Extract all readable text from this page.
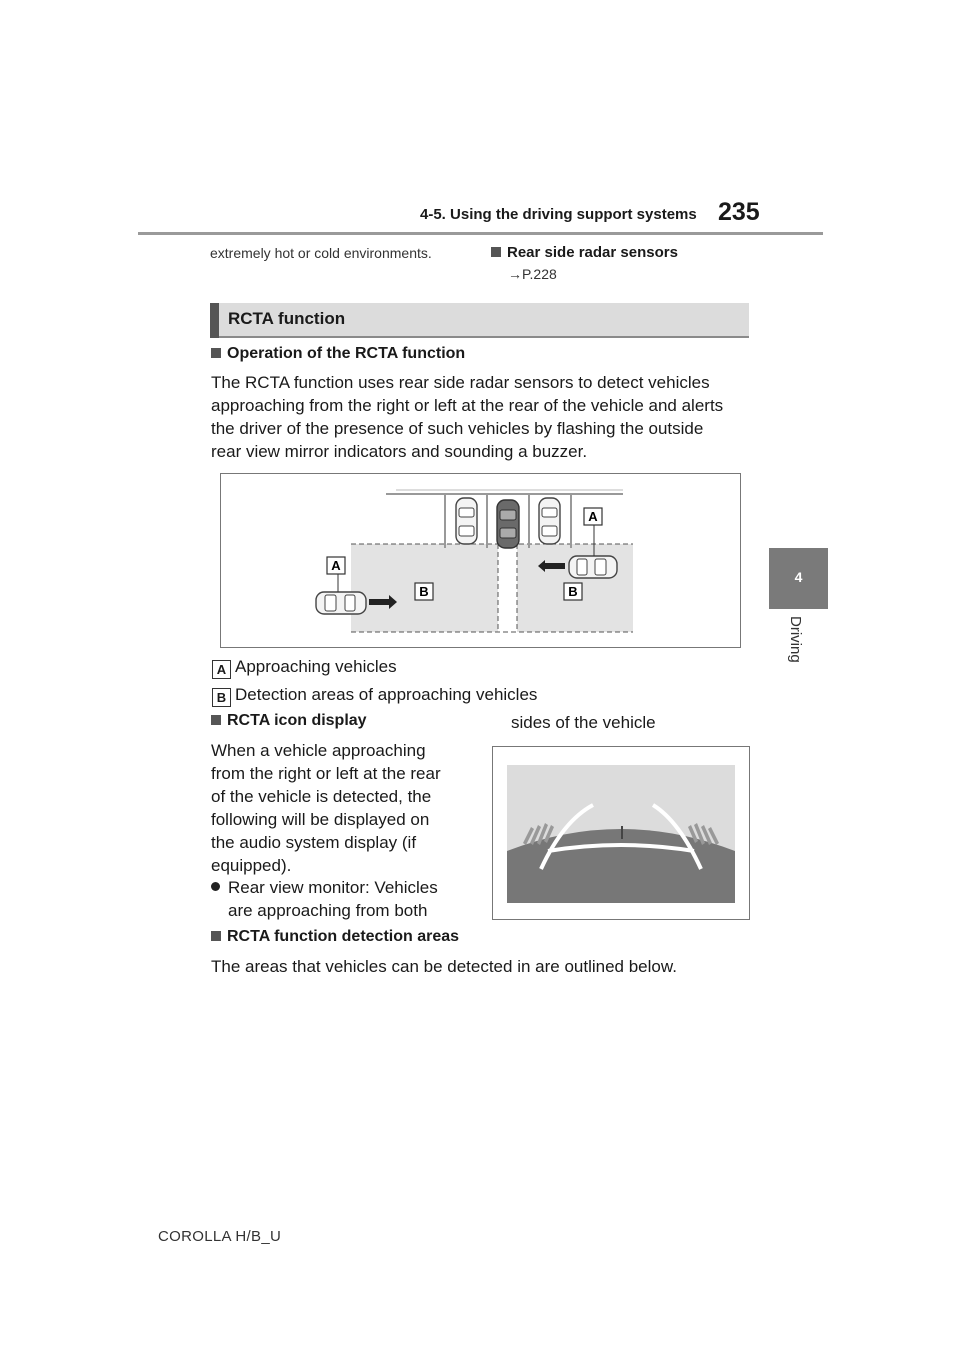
4-5. Using the driving support systems 235
4
Driving
extremely hot or cold environments.	Rear side radar sensors
→P.228
RCTA function
Operation of the RCTA function
The RCTA function uses rear side radar sensors to detect vehicles
approaching from the right or left at the rear of the vehicle and alerts
the driver of the presence of such vehicles by flashing the outside
rear view mirror indicators and sounding a buzzer.
A
A
B	B
A Approaching vehicles
B Detection areas of approaching vehicles
RCTA icon display	sides of the vehicle
When a vehicle approaching
from the right or left at the rear
of the vehicle is detected, the
following will be displayed on
the audio system display (if
equipped).
Rear view monitor: Vehicles
are approaching from both
RCTA function detection areas
The areas that vehicles can be detected in are outlined below.
COROLLA H/B_U
